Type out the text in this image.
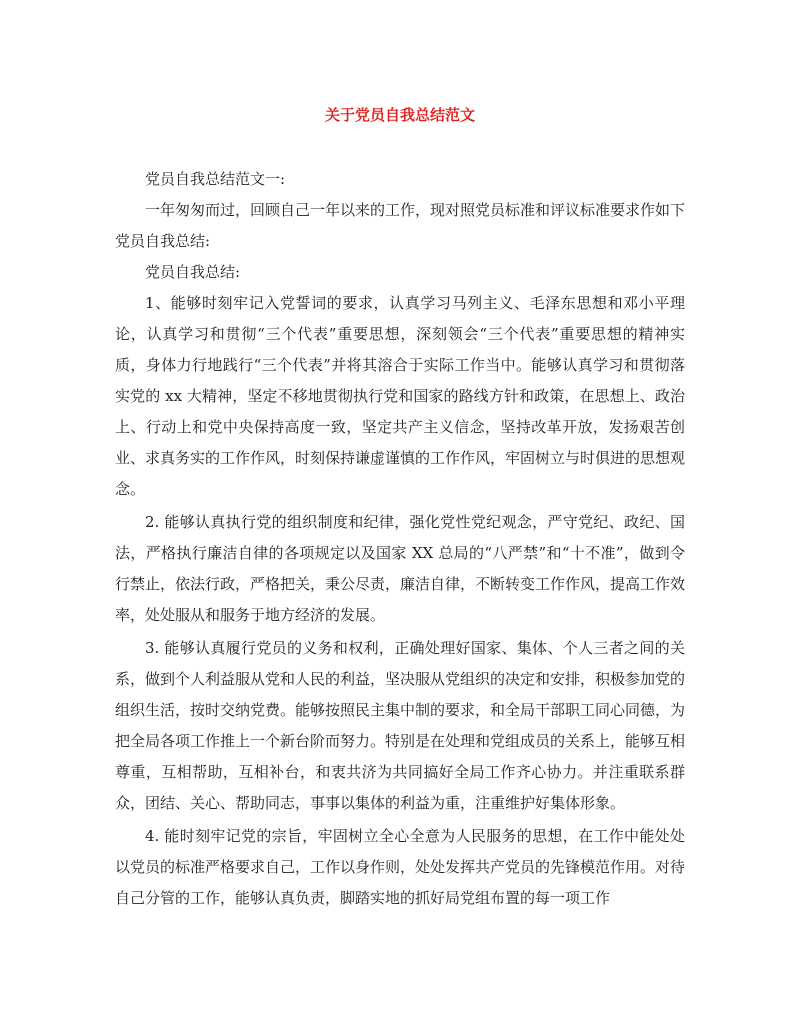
关于党员自我总结范文

党员自我总结范文一:

一年匆匆而过，回顾自己一年以来的工作，现对照党员标准和评议标准要求作如下党员自我总结:

党员自我总结:

1、能够时刻牢记入党誓词的要求，认真学习马列主义、毛泽东思想和邓小平理论，认真学习和贯彻“三个代表”重要思想，深刻领会“三个代表”重要思想的精神实质，身体力行地践行“三个代表”并将其溶合于实际工作当中。能够认真学习和贯彻落实党的 xx 大精神，坚定不移地贯彻执行党和国家的路线方针和政策，在思想上、政治上、行动上和党中央保持高度一致，坚定共产主义信念，坚持改革开放，发扬艰苦创业、求真务实的工作作风，时刻保持谦虚谨慎的工作作风，牢固树立与时俱进的思想观念。

2. 能够认真执行党的组织制度和纪律，强化党性党纪观念，严守党纪、政纪、国法，严格执行廉洁自律的各项规定以及国家 XX 总局的“八严禁”和“十不准”，做到令行禁止，依法行政，严格把关，秉公尽责，廉洁自律，不断转变工作作风，提高工作效率，处处服从和服务于地方经济的发展。

3. 能够认真履行党员的义务和权利，正确处理好国家、集体、个人三者之间的关系，做到个人利益服从党和人民的利益，坚决服从党组织的决定和安排，积极参加党的组织生活，按时交纳党费。能够按照民主集中制的要求，和全局干部职工同心同德，为把全局各项工作推上一个新台阶而努力。特别是在处理和党组成员的关系上，能够互相尊重，互相帮助，互相补台，和衷共济为共同搞好全局工作齐心协力。并注重联系群众，团结、关心、帮助同志，事事以集体的利益为重，注重维护好集体形象。

4. 能时刻牢记党的宗旨，牢固树立全心全意为人民服务的思想，在工作中能处处以党员的标准严格要求自己，工作以身作则，处处发挥共产党员的先锋模范作用。对待自己分管的工作，能够认真负责，脚踏实地的抓好局党组布置的每一项工作
